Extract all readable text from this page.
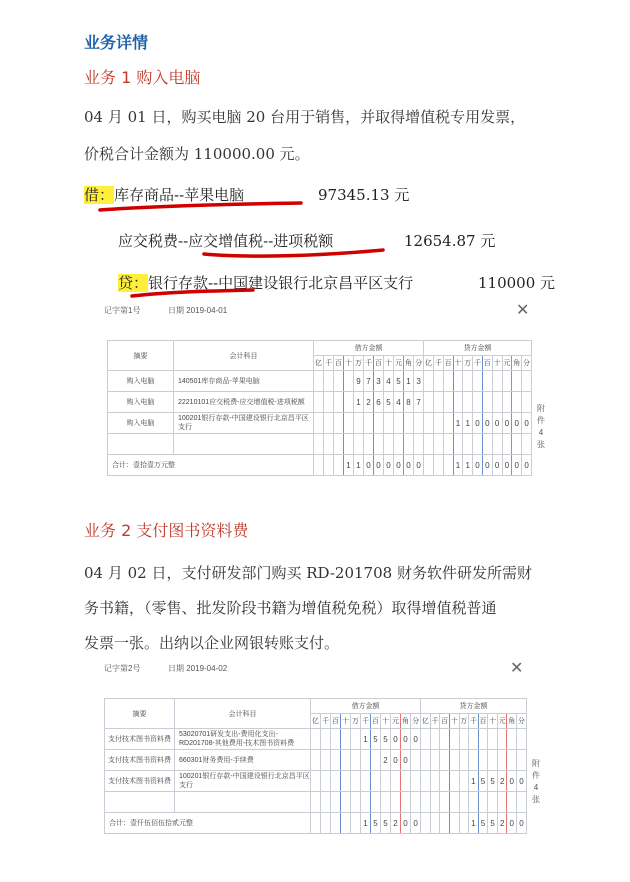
业务详情
业务 1 购入电脑
04 月 01 日，购买电脑 20 台用于销售，并取得增值税专用发票，
价税合计金额为 110000.00 元。
借：库存商品--苹果电脑	97345.13 元
应交税费--应交增值税--进项税额	12654.87 元
贷：银行存款--中国建设银行北京昌平区支行	110000 元
记字第1号	日期 2019-04-01	✕
摘要	会计科目	借方金额											贷方金额										
		亿	千	百	十	万	千	百	十	元	角	分	亿	千	百	十	万	千	百	十	元	角	分
购入电脑	140501库存商品-苹果电脑					9	7	3	4	5	1	3											
购入电脑	22210101应交税费-应交增值税-进项税额					1	2	6	5	4	8	7											
购入电脑	100201银行存款-中国建设银行北京昌平区支行															1	1	0	0	0	0	0	0

合计：壹拾壹万元整					1	1	0	0	0	0	0	0				1	1	0	0	0	0	0	0
附
件
4
张
业务 2 支付图书资料费
04 月 02 日，支付研发部门购买 RD-201708 财务软件研发所需财
务书籍，（零售、批发阶段书籍为增值税免税）取得增值税普通
发票一张。出纳以企业网银转账支付。
记字第2号	日期 2019-04-02	✕
摘要	会计科目	借方金额											贷方金额										
		亿	千	百	十	万	千	百	十	元	角	分	亿	千	百	十	万	千	百	十	元	角	分
支付技术图书资料费	53020701研发支出-费用化支出-RD201708-其他费用-技术图书资料费						1	5	5	0	0	0											
支付技术图书资料费	660301财务费用-手续费								2	0	0												
支付技术图书资料费	100201银行存款-中国建设银行北京昌平区支行																	1	5	5	2	0	0

合计：壹仟伍佰伍拾贰元整							1	5	5	2	0	0						1	5	5	2	0	0
附
件
4
张
